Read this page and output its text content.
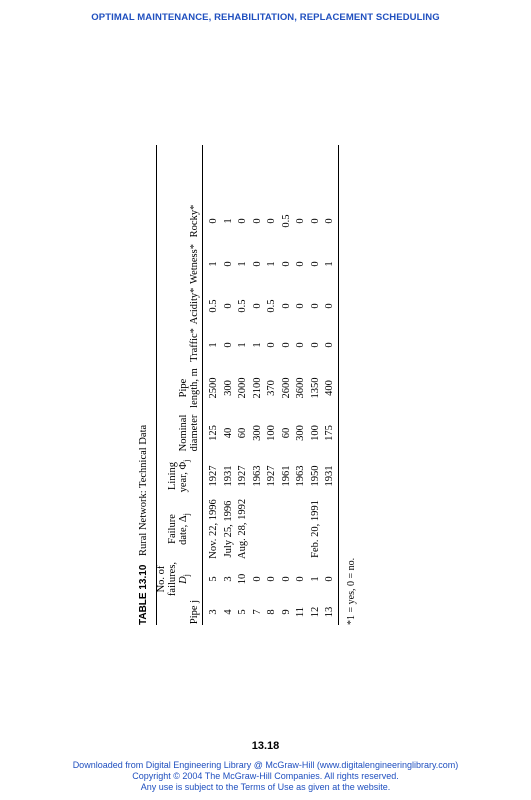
OPTIMAL MAINTENANCE, REHABILITATION, REPLACEMENT SCHEDULING
TABLE 13.10 Rural Network: Technical Data
Pipe j
No. of failures, $D_j$
Failure date, $\Delta_j$
Lining year, $\Phi_j$
Nominal diameter
Pipe length, m
Traffic*
Acidity*
Wetness*
Rocky*
3
5
Nov. 22, 1996
1927
125
2500
1
0.5
1
0
4
3
July 25, 1996
1931
40
300
0
0
0
1
5
10
Aug. 28, 1992
1927
60
2000
1
0.5
1
0
7
0
1963
300
2100
1
0
0
0
8
0
1927
100
370
0
0.5
1
0
9
0
1961
60
2600
0
0
0
0.5
11
0
1963
300
3600
0
0
0
0
12
1
Feb. 20, 1991
1950
100
1350
0
0
0
0
13
0
1931
175
400
0
0
1
0
*1 = yes, 0 = no.
13.18
Downloaded from Digital Engineering Library @ McGraw-Hill (www.digitalengineeringlibrary.com)
Copyright © 2004 The McGraw-Hill Companies. All rights reserved.
Any use is subject to the Terms of Use as given at the website.
